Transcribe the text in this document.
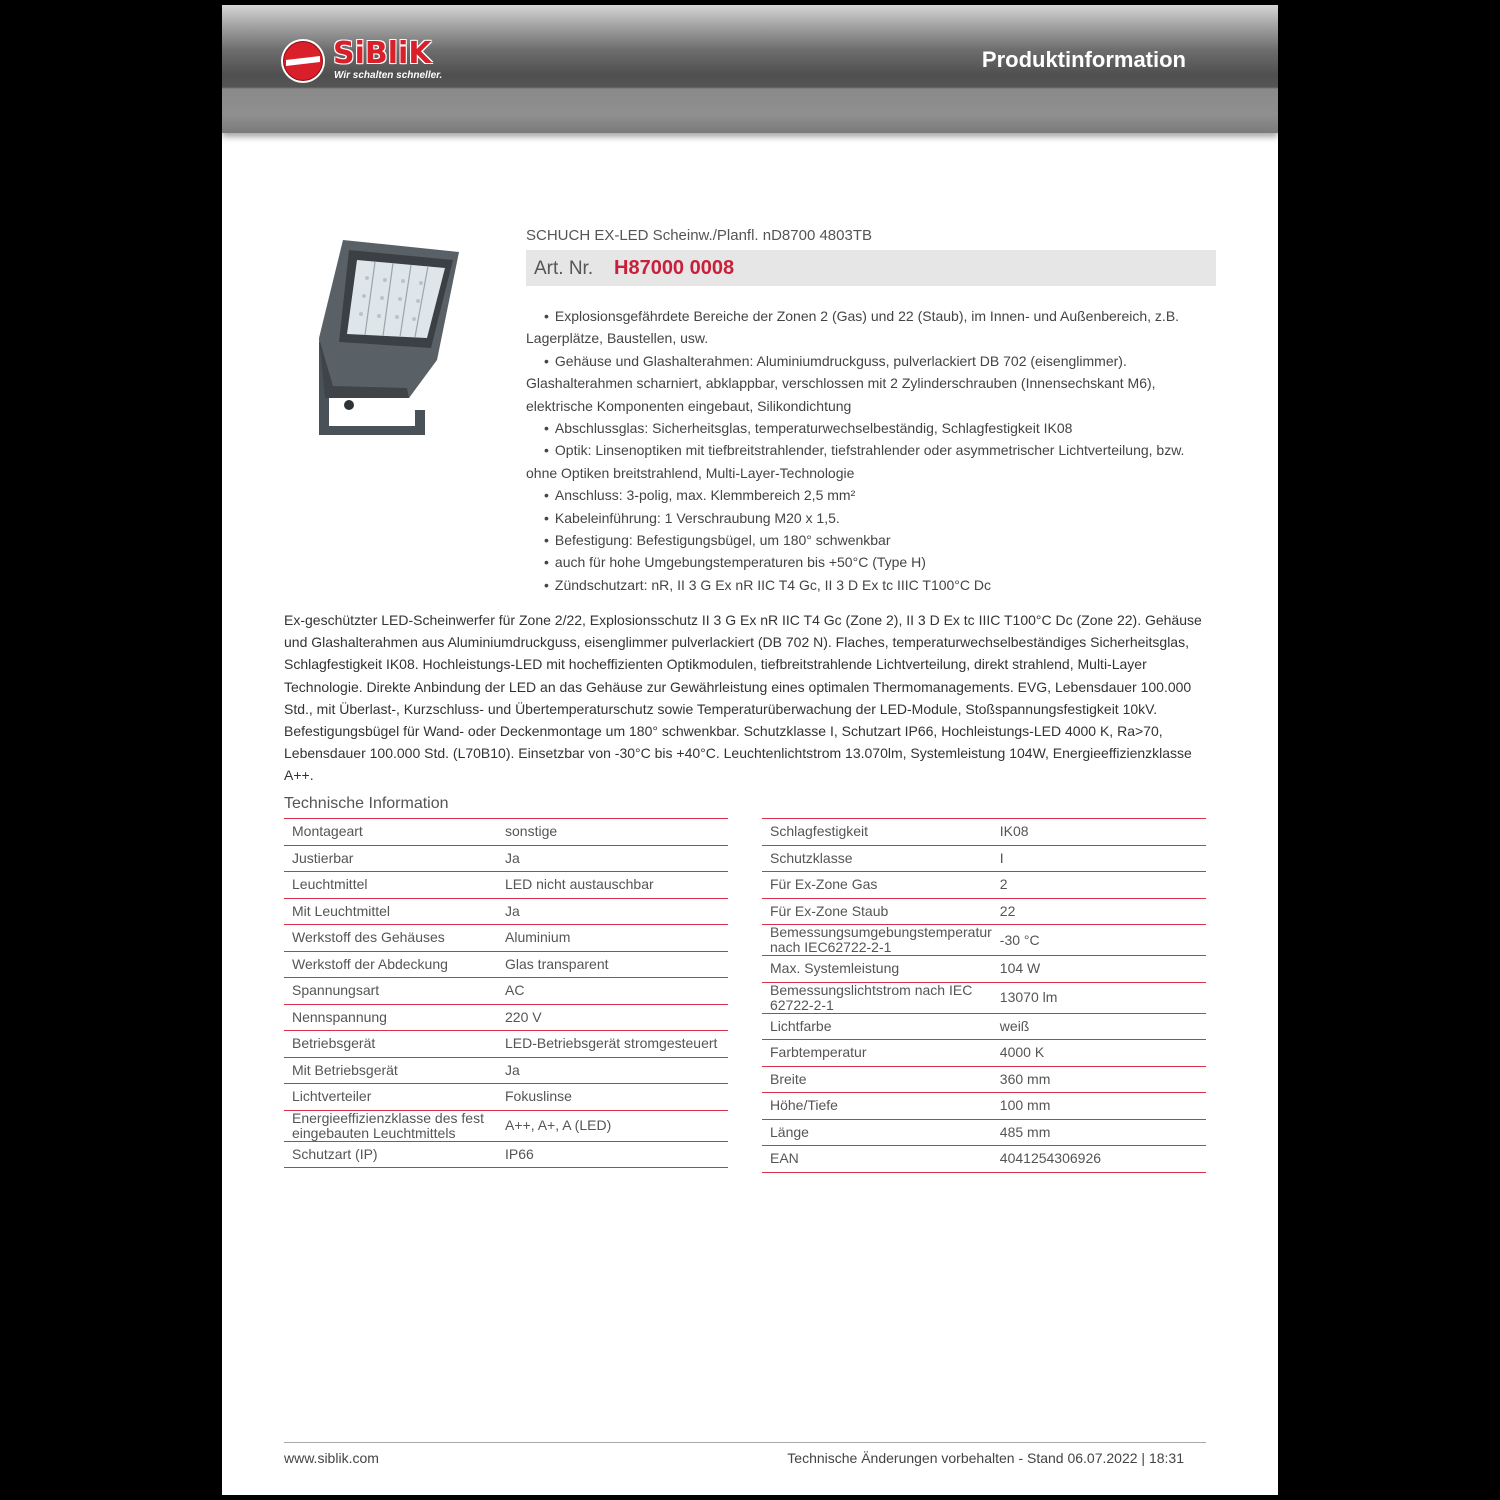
SiBliK
Wir schalten schneller.
Produktinformation
SCHUCH EX-LED Scheinw./Planfl. nD8700 4803TB
Art. Nr. H87000 0008
• Explosionsgefährdete Bereiche der Zonen 2 (Gas) und 22 (Staub), im Innen- und Außenbereich, z.B. Lagerplätze, Baustellen, usw.
• Gehäuse und Glashalterahmen: Aluminiumdruckguss, pulverlackiert DB 702 (eisenglimmer). Glashalterahmen scharniert, abklappbar, verschlossen mit 2 Zylinderschrauben (Innensechskant M6), elektrische Komponenten eingebaut, Silikondichtung
• Abschlussglas: Sicherheitsglas, temperaturwechselbeständig, Schlagfestigkeit IK08
• Optik: Linsenoptiken mit tiefbreitstrahlender, tiefstrahlender oder asymmetrischer Lichtverteilung, bzw. ohne Optiken breitstrahlend, Multi-Layer-Technologie
• Anschluss: 3-polig, max. Klemmbereich 2,5 mm²
• Kabeleinführung: 1 Verschraubung M20 x 1,5.
• Befestigung: Befestigungsbügel, um 180° schwenkbar
• auch für hohe Umgebungstemperaturen bis +50°C (Type H)
• Zündschutzart: nR, II 3 G Ex nR IIC T4 Gc, II 3 D Ex tc IIIC T100°C Dc

Ex-geschützter LED-Scheinwerfer für Zone 2/22, Explosionsschutz II 3 G Ex nR IIC T4 Gc (Zone 2), II 3 D Ex tc IIIC T100°C Dc (Zone 22). Gehäuse und Glashalterahmen aus Aluminiumdruckguss, eisenglimmer pulverlackiert (DB 702 N). Flaches, temperaturwechselbeständiges Sicherheitsglas, Schlagfestigkeit IK08. Hochleistungs-LED mit hocheffizienten Optikmodulen, tiefbreitstrahlende Lichtverteilung, direkt strahlend, Multi-Layer Technologie. Direkte Anbindung der LED an das Gehäuse zur Gewährleistung eines optimalen Thermomanagements. EVG, Lebensdauer 100.000 Std., mit Überlast-, Kurzschluss- und Übertemperaturschutz sowie Temperaturüberwachung der LED-Module, Stoßspannungsfestigkeit 10kV. Befestigungsbügel für Wand- oder Deckenmontage um 180° schwenkbar. Schutzklasse I, Schutzart IP66, Hochleistungs-LED 4000 K, Ra>70, Lebensdauer 100.000 Std. (L70B10). Einsetzbar von -30°C bis +40°C. Leuchtenlichtstrom 13.070lm, Systemleistung 104W, Energieeffizienzklasse A++.

Technische Information
Montageart	sonstige
Justierbar	Ja
Leuchtmittel	LED nicht austauschbar
Mit Leuchtmittel	Ja
Werkstoff des Gehäuses	Aluminium
Werkstoff der Abdeckung	Glas transparent
Spannungsart	AC
Nennspannung	220 V
Betriebsgerät	LED-Betriebsgerät stromgesteuert
Mit Betriebsgerät	Ja
Lichtverteiler	Fokuslinse
Energieeffizienzklasse des fest eingebauten Leuchtmittels	A++, A+, A (LED)
Schutzart (IP)	IP66
Schlagfestigkeit	IK08
Schutzklasse	I
Für Ex-Zone Gas	2
Für Ex-Zone Staub	22
Bemessungsumgebungstemperatur nach IEC62722-2-1	-30 °C
Max. Systemleistung	104 W
Bemessungslichtstrom nach IEC 62722-2-1	13070 lm
Lichtfarbe	weiß
Farbtemperatur	4000 K
Breite	360 mm
Höhe/Tiefe	100 mm
Länge	485 mm
EAN	4041254306926
www.siblik.com	Technische Änderungen vorbehalten - Stand 06.07.2022 | 18:31
